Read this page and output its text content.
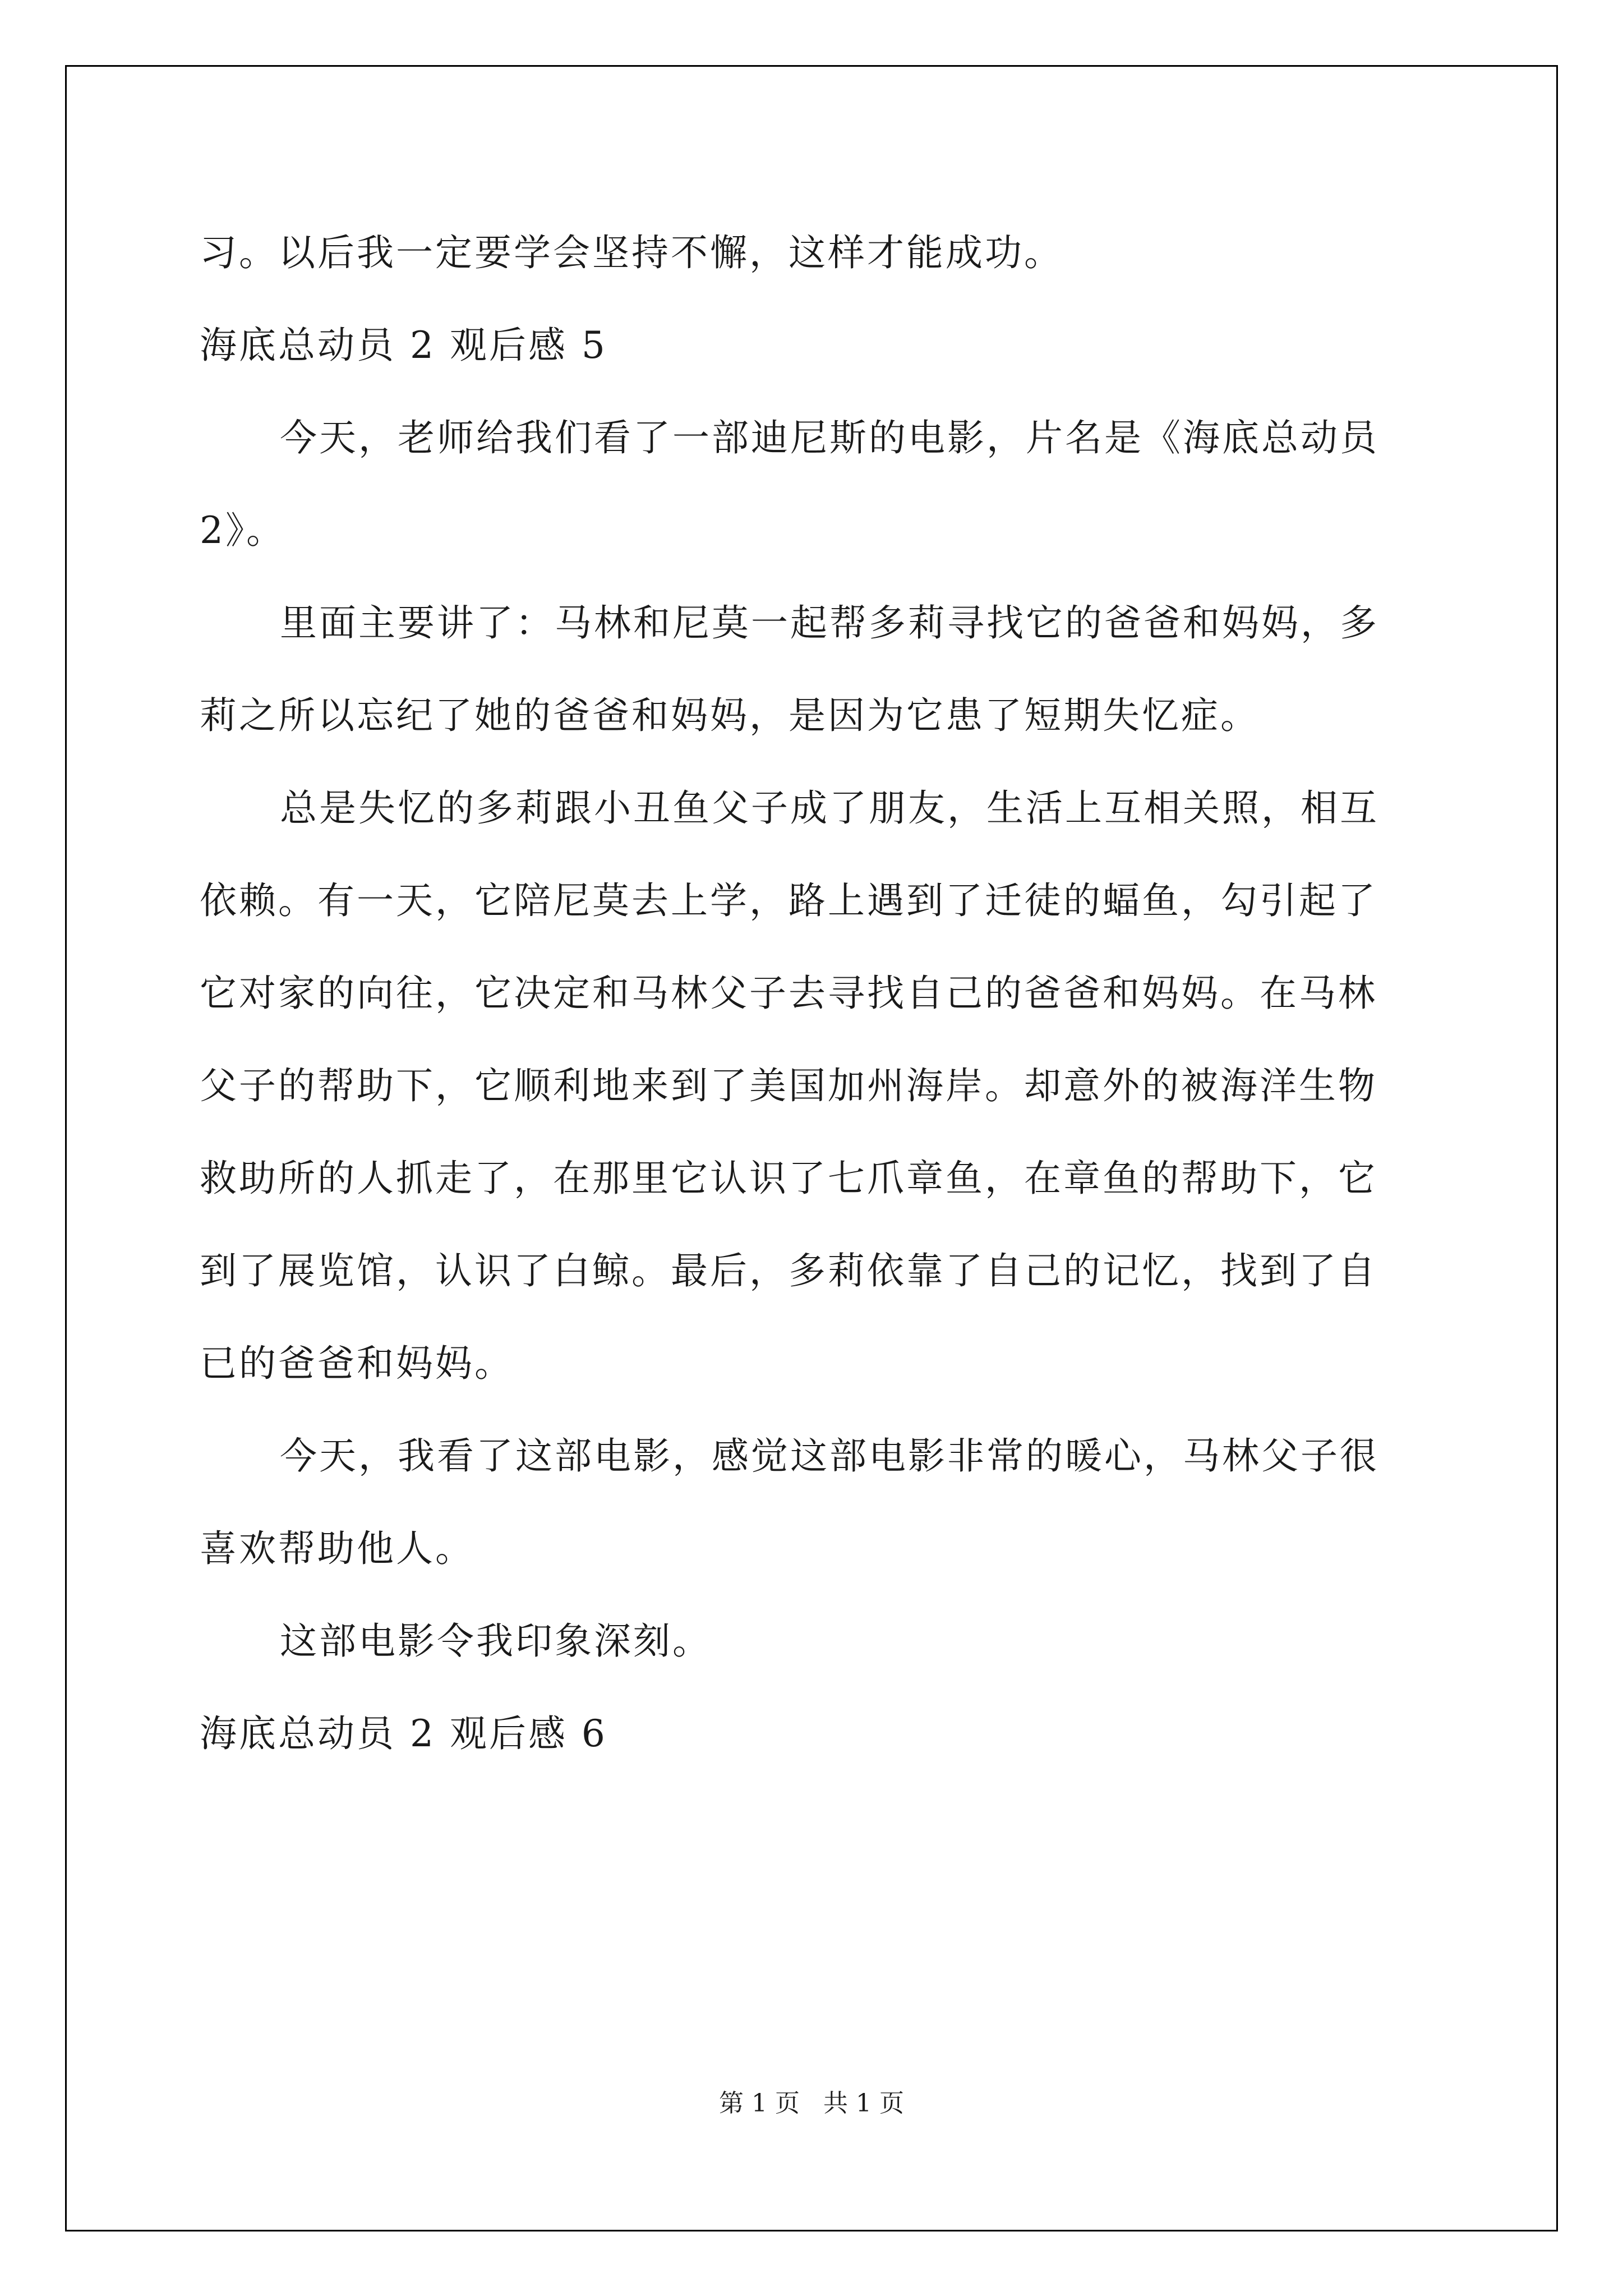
习。以后我一定要学会坚持不懈，这样才能成功。
海底总动员 2 观后感 5
今天，老师给我们看了一部迪尼斯的电影，片名是《海底总动员
2》。
里面主要讲了：马林和尼莫一起帮多莉寻找它的爸爸和妈妈，多
莉之所以忘纪了她的爸爸和妈妈，是因为它患了短期失忆症。
总是失忆的多莉跟小丑鱼父子成了朋友，生活上互相关照，相互
依赖。有一天，它陪尼莫去上学，路上遇到了迁徒的蝠鱼，勾引起了
它对家的向往，它决定和马林父子去寻找自己的爸爸和妈妈。在马林
父子的帮助下，它顺利地来到了美国加州海岸。却意外的被海洋生物
救助所的人抓走了，在那里它认识了七爪章鱼，在章鱼的帮助下，它
到了展览馆，认识了白鲸。最后，多莉依靠了自己的记忆，找到了自
已的爸爸和妈妈。
今天，我看了这部电影，感觉这部电影非常的暖心，马林父子很
喜欢帮助他人。
这部电影令我印象深刻。
海底总动员 2 观后感 6
第 1 页 共 1 页
